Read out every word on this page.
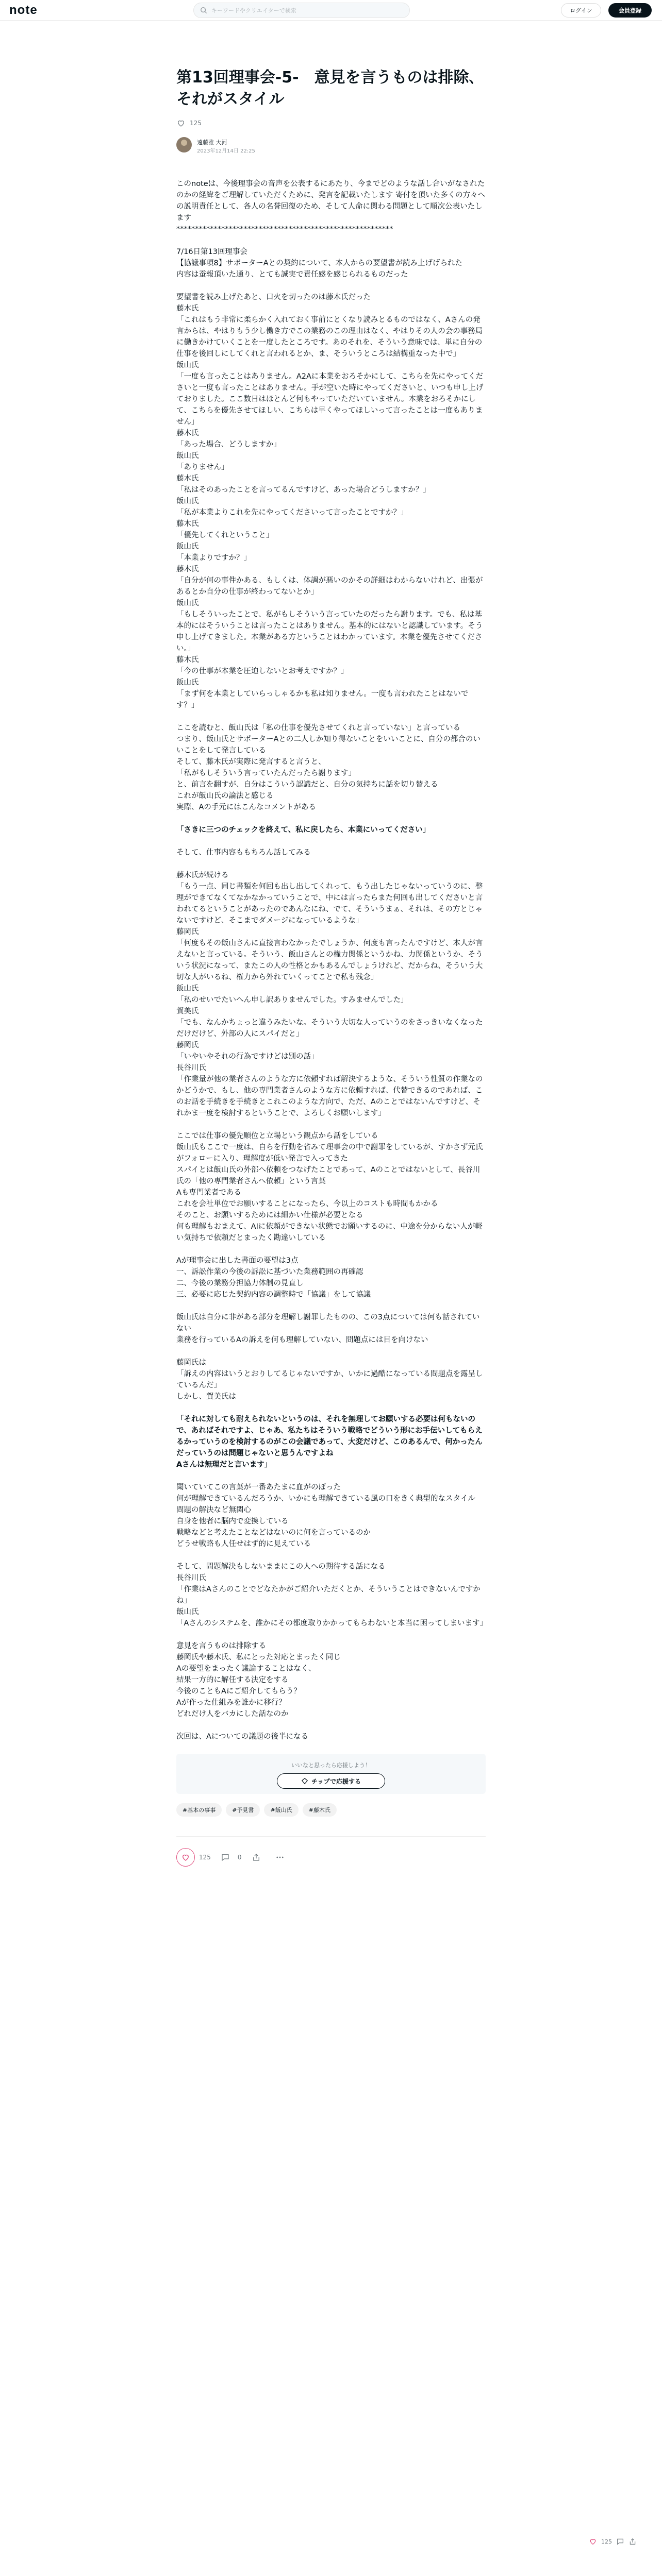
note
キーワードやクリエイターで検索	ログイン	会員登録
第13回理事会-5-　意見を言うものは排除､それがスタイル
125
遠藤雅 大河
2023年12月14日 22:25

このnoteは、今後理事会の音声を公表するにあたり、今までどのような話し合いがなされたのかの経緯をご理解していただくために、発言を記載いたします 寄付を頂いた多くの方々への説明責任として、各人の名誉回復のため、そして人命に関わる問題として順次公表いたします
**********************************************************

7/16日第13回理事会
【協議事項8】サポーターAとの契約について、本人からの要望書が読み上げげられた
内容は蚕報頂いた通り、とても誠実で責任感を感じられるものだった

要望書を読み上げたあと、口火を切ったのは藤木氏だった
藤木氏
「これはもう非常に柔らかく入れておく事前にとくなり読みとるものではなく、Aさんの発言からは、やはりもう少し働き方でこの業務のこの理由はなく、やはりその人の会の事務局に働きかけていくことを一度したところです。あのそれを、そういう意味では、単に自分の仕事を後回しにしてくれと言われるとか、ま、そういうところは結構重なった中で」
飯山氏
「一度も言ったことはありません。A2Aに本業をおろそかにして、こちらを先にやってくださいと一度も言ったことはありません。手が空いた時にやってくださいと、いつも申し上げておりました。ここ数日はほとんど何もやっていただいていません。本業をおろそかにして、こちらを優先させてほしい、こちらは早くやってほしいって言ったことは一度もありません」
藤木氏
「あった場合、どうしますか」
飯山氏
「ありません」
藤木氏
「私はそのあったことを言ってるんですけど、あった場合どうしますか？」
飯山氏
「私が本業よりこれを先にやってくださいって言ったことですか？」
藤木氏
「優先してくれということ」
飯山氏
「本業よりですか？」
藤木氏
「自分が何の事件かある、もしくは、体調が悪いのかその詳細はわからないけれど、出張があるとか自分の仕事が終わってないとか」
飯山氏
「もしそういったことで、私がもしそういう言っていたのだったら謝ります。でも、私は基本的にはそういうことは言ったことはありません。基本的にはないと認識しています。そう申し上げてきました。本業がある方ということはわかっています。本業を優先させてください。」
藤木氏
「今の仕事が本業を圧迫しないとお考えですか？」
飯山氏
「まず何を本業としていらっしゃるかも私は知りません。一度も言われたことはないです？」

ここを読むと、飯山氏は「私の仕事を優先させてくれと言っていない」と言っている
つまり、飯山氏とサポーターAとの二人しか知り得ないことをいいことに、自分の都合のいいことをして発言している
そして、藤木氏が実際に発言すると言うと、
「私がもしそういう言っていたんだったら謝ります」
と、前言を翻すが、自分はこういう認識だと、自分の気持ちに話を切り替える
これが飯山氏の論法と感じる
実際、Aの手元にはこんなコメントがある

「さきに三つのチェックを終えて、私に戻したら、本業にいってください」

そして、仕事内容ももちろん話してみる

藤木氏が続ける
「もう一点、同じ書類を何回も出し出してくれって、もう出したじゃないっていうのに、整理ができてなくてなかなかっていうことで、中には言ったらまた何回も出してくださいと言われてるということがあったのであんなにね、でて、そういうまぁ、それは、その方とじゃないですけど、そこまでダメージになっているような」
藤岡氏
「何度もその飯山さんに直接言わなかったでしょうか、何度も言ったんですけど、本人が言えないと言っている。そういう、飯山さんとの権力関係というかね、力関係というか、そういう状況になって、またこの人の性格とかもあるんでしょうけれど、だからね、そういう大切な人がいるね、権力から外れていくってことで私も残念」
飯山氏
「私のせいでたいへん申し訳ありませんでした。すみませんでした」
賀美氏
「でも、なんかちょっと違うみたいな。そういう大切な人っていうのをさっきいなくなっただけだけど、外部の人にスパイだと」
藤岡氏
「いやいやそれの行為ですけどは別の話」
長谷川氏
「作業量が他の業者さんのような方に依頼すれば解決するような、そういう性質の作業なのかどうかで、もし、他の専門業者さんのような方に依頼すれば、代替できるのであれば、このお話を手続きを手続きとこれこのような方向で、ただ、Aのことではないんですけど、それかま一度を検討するということで、よろしくお願いします」

ここでは仕事の優先順位と立場という観点から話をしている
飯山氏もここで一度は、自らを行動を省みて理事会の中で謝罪をしているが、すかさず元氏がフォローに入り、理解度が低い発言で入ってきた
スパイとは飯山氏の外部へ依頼をつなげたことであって、Aのことではないとして、長谷川氏の「他の専門業者さんへ依頼」という言葉
Aも専門業者である
これを会社単位でお願いすることになったら、今以上のコストも時間もかかる
そのこと、お願いするためには細かい仕様が必要となる
何も理解もおまえて、AIに依頼ができない状態でお願いするのに、中途を分からない人が軽い気持ちで依頼だとまったく勘違いしている

Aが理事会に出した書面の要望は3点
一、訴訟作業の今後の訴訟に基づいた業務範囲の再確認
二、今後の業務分担協力体制の見直し
三、必要に応じた契約内容の調整時で「協議」をして協議

飯山氏は自分に非がある部分を理解し謝罪したものの、この3点については何も話されていない
業務を行っているAの訴えを何も理解していない、問題点には目を向けない

藤岡氏は
「訴えの内容はいうとおりしてるじゃないですか、いかに過酷になっている問題点を露呈しているんだ」
しかし、賀美氏は

「それに対しても耐えられないというのは、それを無理してお願いする必要は何もないので、あればそれですよ、じゃあ、私たちはそういう戦略でどういう形にお手伝いしてもらえるかっていうのを検討するのがこの会議であって、大変だけど、このあるんで、何かったんだっていうのは問題じゃないと思うんですよね
Aさんは無理だと言います」

聞いていてこの言葉が一番あたまに血がのぼった
何が理解できているんだろうか、いかにも理解できている風の口をきく典型的なスタイル
問題の解決など無関心
自身を他者に脳内で変換している
戦略などと考えたことなどはないのに何を言っているのか
どうせ戦略も人任せはず的に見えている

そして、問題解決もしないままにこの人への期待する話になる
長谷川氏
「作業はAさんのことでどなたかがご紹介いただくとか、そういうことはできないんですかね」
飯山氏
「Aさんのシステムを、誰かにその都度取りかかってもらわないと本当に困ってしまいます」

意見を言うものは排除する
藤岡氏や藤木氏、私にとった対応とまったく同じ
Aの要望をまったく議論することはなく、
結果一方的に解任する決定をする
今後のこともAにご紹介してもらう？
Aが作った仕組みを誰かに移行？
どれだけ人をバカにした話なのか

次回は、Aについての議題の後半になる

いいなと思ったら応援しよう！
チップで応援する
#基本の事事	#予見書	#飯山氏	#藤木氏
125	0
125
